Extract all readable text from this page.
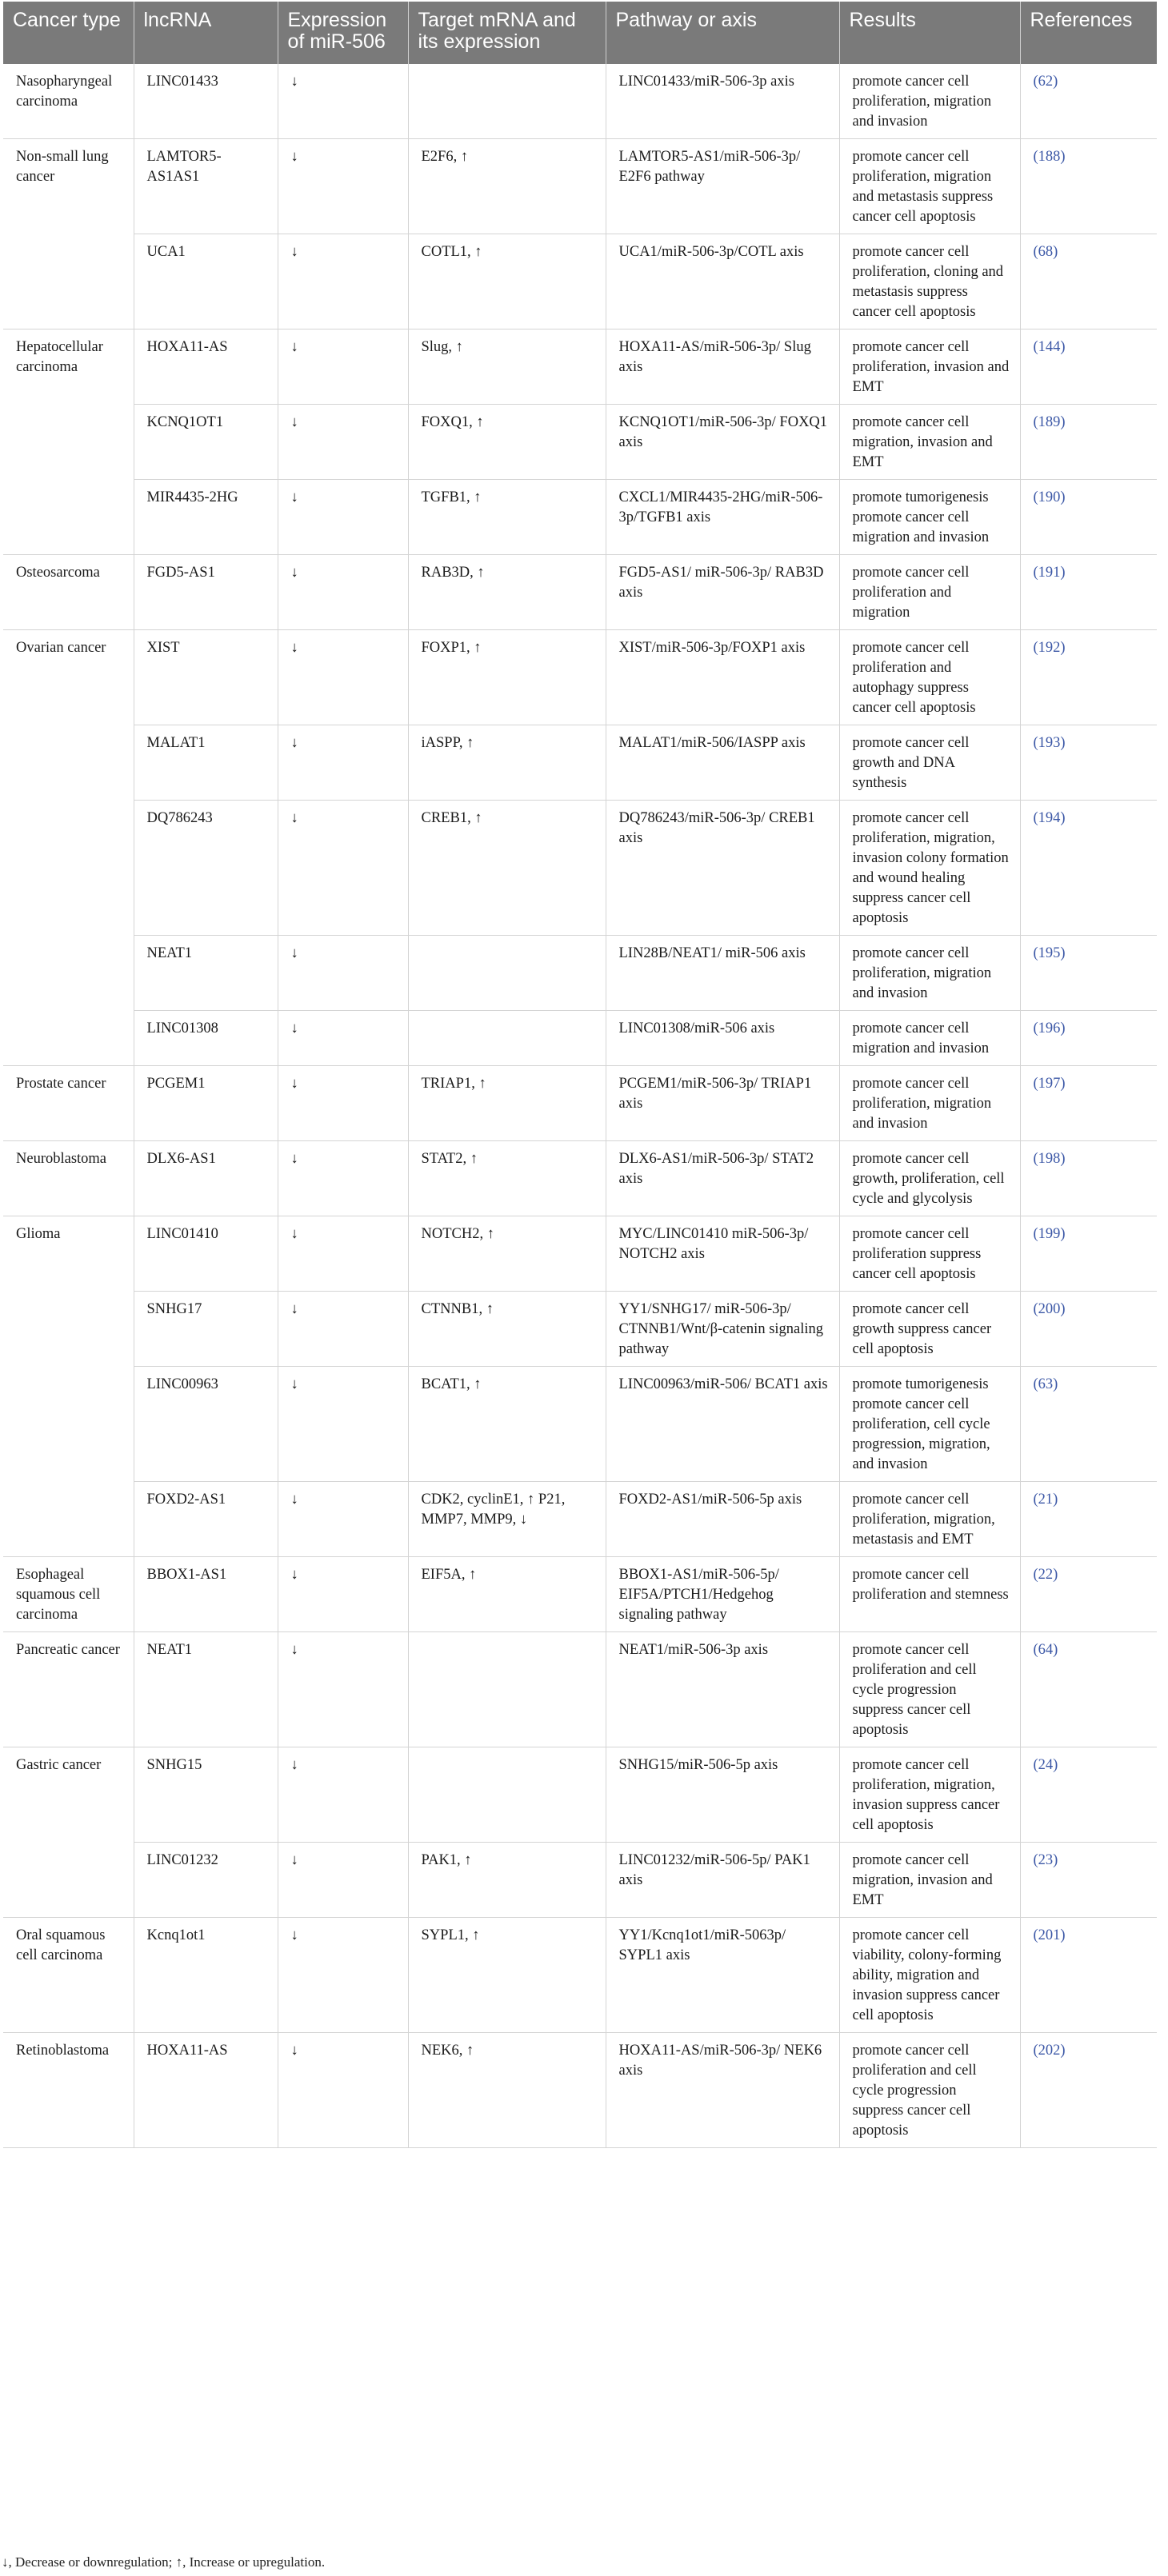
Cancer type	lncRNA	Expression of miR-506	Target mRNA and its expression	Pathway or axis	Results	References
Nasopharyngeal carcinoma	LINC01433	↓		LINC01433/miR-506-3p axis	promote cancer cell proliferation, migration and invasion	(62)
Non-small lung cancer	LAMTOR5-AS1AS1	↓	E2F6, ↑	LAMTOR5-AS1/miR-506-3p/ E2F6 pathway	promote cancer cell proliferation, migration and metastasis suppress cancer cell apoptosis	(188)
	UCA1	↓	COTL1, ↑	UCA1/miR-506-3p/COTL axis	promote cancer cell proliferation, cloning and metastasis suppress cancer cell apoptosis	(68)
Hepatocellular carcinoma	HOXA11-AS	↓	Slug, ↑	HOXA11-AS/miR-506-3p/ Slug axis	promote cancer cell proliferation, invasion and EMT	(144)
	KCNQ1OT1	↓	FOXQ1, ↑	KCNQ1OT1/miR-506-3p/ FOXQ1 axis	promote cancer cell migration, invasion and EMT	(189)
	MIR4435-2HG	↓	TGFB1, ↑	CXCL1/MIR4435-2HG/miR-506-3p/TGFB1 axis	promote tumorigenesis promote cancer cell migration and invasion	(190)
Osteosarcoma	FGD5-AS1	↓	RAB3D, ↑	FGD5-AS1/ miR-506-3p/ RAB3D axis	promote cancer cell proliferation and migration	(191)
Ovarian cancer	XIST	↓	FOXP1, ↑	XIST/miR-506-3p/FOXP1 axis	promote cancer cell proliferation and autophagy suppress cancer cell apoptosis	(192)
	MALAT1	↓	iASPP, ↑	MALAT1/miR-506/IASPP axis	promote cancer cell growth and DNA synthesis	(193)
	DQ786243	↓	CREB1, ↑	DQ786243/miR-506-3p/ CREB1 axis	promote cancer cell proliferation, migration, invasion colony formation and wound healing suppress cancer cell apoptosis	(194)
	NEAT1	↓		LIN28B/NEAT1/ miR-506 axis	promote cancer cell proliferation, migration and invasion	(195)
	LINC01308	↓		LINC01308/miR-506 axis	promote cancer cell migration and invasion	(196)
Prostate cancer	PCGEM1	↓	TRIAP1, ↑	PCGEM1/miR-506-3p/ TRIAP1 axis	promote cancer cell proliferation, migration and invasion	(197)
Neuroblastoma	DLX6-AS1	↓	STAT2, ↑	DLX6-AS1/miR-506-3p/ STAT2 axis	promote cancer cell growth, proliferation, cell cycle and glycolysis	(198)
Glioma	LINC01410	↓	NOTCH2, ↑	MYC/LINC01410 miR-506-3p/ NOTCH2 axis	promote cancer cell proliferation suppress cancer cell apoptosis	(199)
	SNHG17	↓	CTNNB1, ↑	YY1/SNHG17/ miR-506-3p/ CTNNB1/Wnt/β-catenin signaling pathway	promote cancer cell growth suppress cancer cell apoptosis	(200)
	LINC00963	↓	BCAT1, ↑	LINC00963/miR-506/ BCAT1 axis	promote tumorigenesis promote cancer cell proliferation, cell cycle progression, migration, and invasion	(63)
	FOXD2-AS1	↓	CDK2, cyclinE1, ↑ P21, MMP7, MMP9, ↓	FOXD2-AS1/miR-506-5p axis	promote cancer cell proliferation, migration, metastasis and EMT	(21)
Esophageal squamous cell carcinoma	BBOX1-AS1	↓	EIF5A, ↑	BBOX1-AS1/miR-506-5p/ EIF5A/PTCH1/Hedgehog signaling pathway	promote cancer cell proliferation and stemness	(22)
Pancreatic cancer	NEAT1	↓		NEAT1/miR-506-3p axis	promote cancer cell proliferation and cell cycle progression suppress cancer cell apoptosis	(64)
Gastric cancer	SNHG15	↓		SNHG15/miR-506-5p axis	promote cancer cell proliferation, migration, invasion suppress cancer cell apoptosis	(24)
	LINC01232	↓	PAK1, ↑	LINC01232/miR-506-5p/ PAK1 axis	promote cancer cell migration, invasion and EMT	(23)
Oral squamous cell carcinoma	Kcnq1ot1	↓	SYPL1, ↑	YY1/Kcnq1ot1/miR-5063p/ SYPL1 axis	promote cancer cell viability, colony-forming ability, migration and invasion suppress cancer cell apoptosis	(201)
Retinoblastoma	HOXA11-AS	↓	NEK6, ↑	HOXA11-AS/miR-506-3p/ NEK6 axis	promote cancer cell proliferation and cell cycle progression suppress cancer cell apoptosis	(202)
↓, Decrease or downregulation; ↑, Increase or upregulation.
